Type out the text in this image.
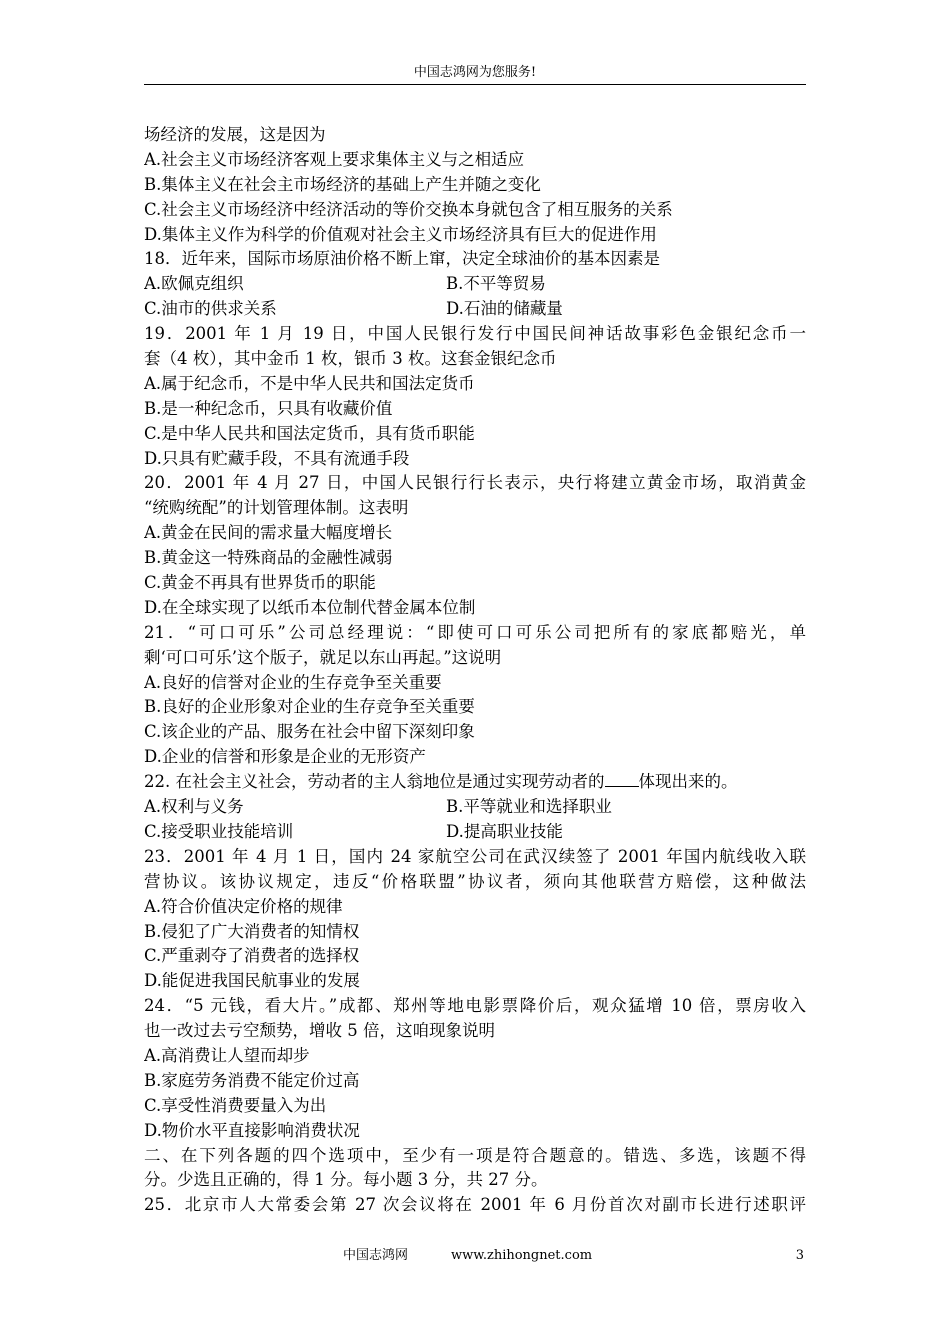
中国志鸿网为您服务!
场经济的发展，这是因为
A.社会主义市场经济客观上要求集体主义与之相适应
B.集体主义在社会主市场经济的基础上产生并随之变化
C.社会主义市场经济中经济活动的等价交换本身就包含了相互服务的关系
D.集体主义作为科学的价值观对社会主义市场经济具有巨大的促进作用
18．近年来，国际市场原油价格不断上窜，决定全球油价的基本因素是
A.欧佩克组织	B.不平等贸易
C.油市的供求关系	D.石油的储藏量
19．2001 年 1 月 19 日，中国人民银行发行中国民间神话故事彩色金银纪念币一
套（4 枚），其中金币 1 枚，银币 3 枚。这套金银纪念币
A.属于纪念币，不是中华人民共和国法定货币
B.是一种纪念币，只具有收藏价值
C.是中华人民共和国法定货币，具有货币职能
D.只具有贮藏手段，不具有流通手段
20．2001 年 4 月 27 日，中国人民银行行长表示，央行将建立黄金市场，取消黄金
“统购统配”的计划管理体制。这表明
A.黄金在民间的需求量大幅度增长
B.黄金这一特殊商品的金融性减弱
C.黄金不再具有世界货币的职能
D.在全球实现了以纸币本位制代替金属本位制
21．“可口可乐”公司总经理说：“即使可口可乐公司把所有的家底都赔光，单
剩‘可口可乐’这个版子，就足以东山再起。”这说明
A.良好的信誉对企业的生存竞争至关重要
B.良好的企业形象对企业的生存竞争至关重要
C.该企业的产品、服务在社会中留下深刻印象
D.企业的信誉和形象是企业的无形资产
22. 在社会主义社会，劳动者的主人翁地位是通过实现劳动者的 体现出来的。
A.权利与义务	B.平等就业和选择职业
C.接受职业技能培训	D.提高职业技能
23．2001 年 4 月 1 日，国内 24 家航空公司在武汉续签了 2001 年国内航线收入联
营协议。该协议规定，违反“价格联盟”协议者，须向其他联营方赔偿，这种做法
A.符合价值决定价格的规律
B.侵犯了广大消费者的知情权
C.严重剥夺了消费者的选择权
D.能促进我国民航事业的发展
24．“5 元钱，看大片。”成都、郑州等地电影票降价后，观众猛增 10 倍，票房收入
也一改过去亏空颓势，增收 5 倍，这咱现象说明
A.高消费让人望而却步
B.家庭劳务消费不能定价过高
C.享受性消费要量入为出
D.物价水平直接影响消费状况
二、在下列各题的四个选项中，至少有一项是符合题意的。错选、多选，该题不得
分。少选且正确的，得 1 分。每小题 3 分，共 27 分。
25．北京市人大常委会第 27 次会议将在 2001 年 6 月份首次对副市长进行述职评
中国志鸿网	www.zhihongnet.com	3
